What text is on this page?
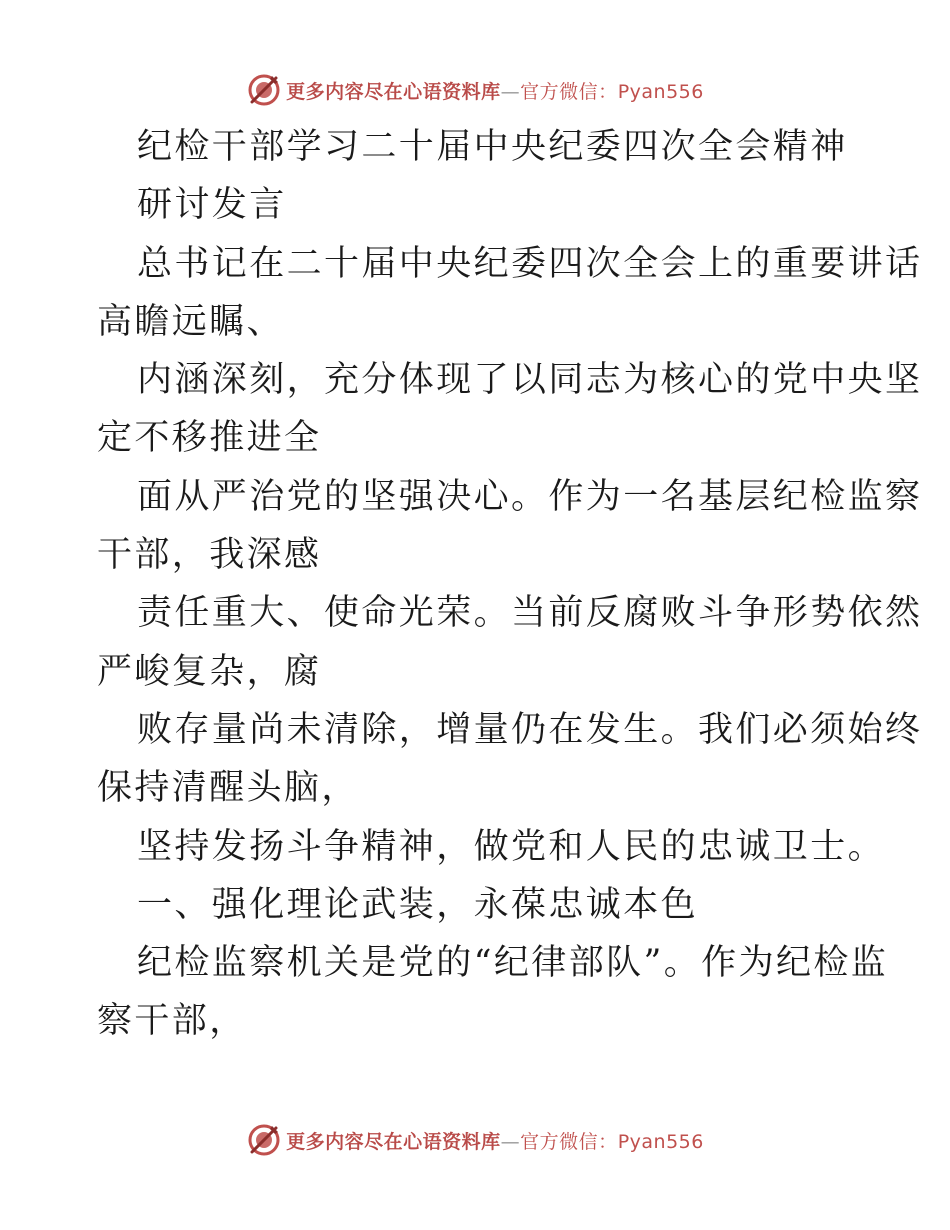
更多内容尽在心语资料库—官方微信：Pyan556
纪检干部学习二十届中央纪委四次全会精神
研讨发言
总书记在二十届中央纪委四次全会上的重要讲话
高瞻远瞩、
内涵深刻，充分体现了以同志为核心的党中央坚
定不移推进全
面从严治党的坚强决心。作为一名基层纪检监察
干部，我深感
责任重大、使命光荣。当前反腐败斗争形势依然
严峻复杂，腐
败存量尚未清除，增量仍在发生。我们必须始终
保持清醒头脑，
坚持发扬斗争精神，做党和人民的忠诚卫士。
一、强化理论武装，永葆忠诚本色
纪检监察机关是党的“纪律部队”。作为纪检监
察干部，
更多内容尽在心语资料库—官方微信：Pyan556
